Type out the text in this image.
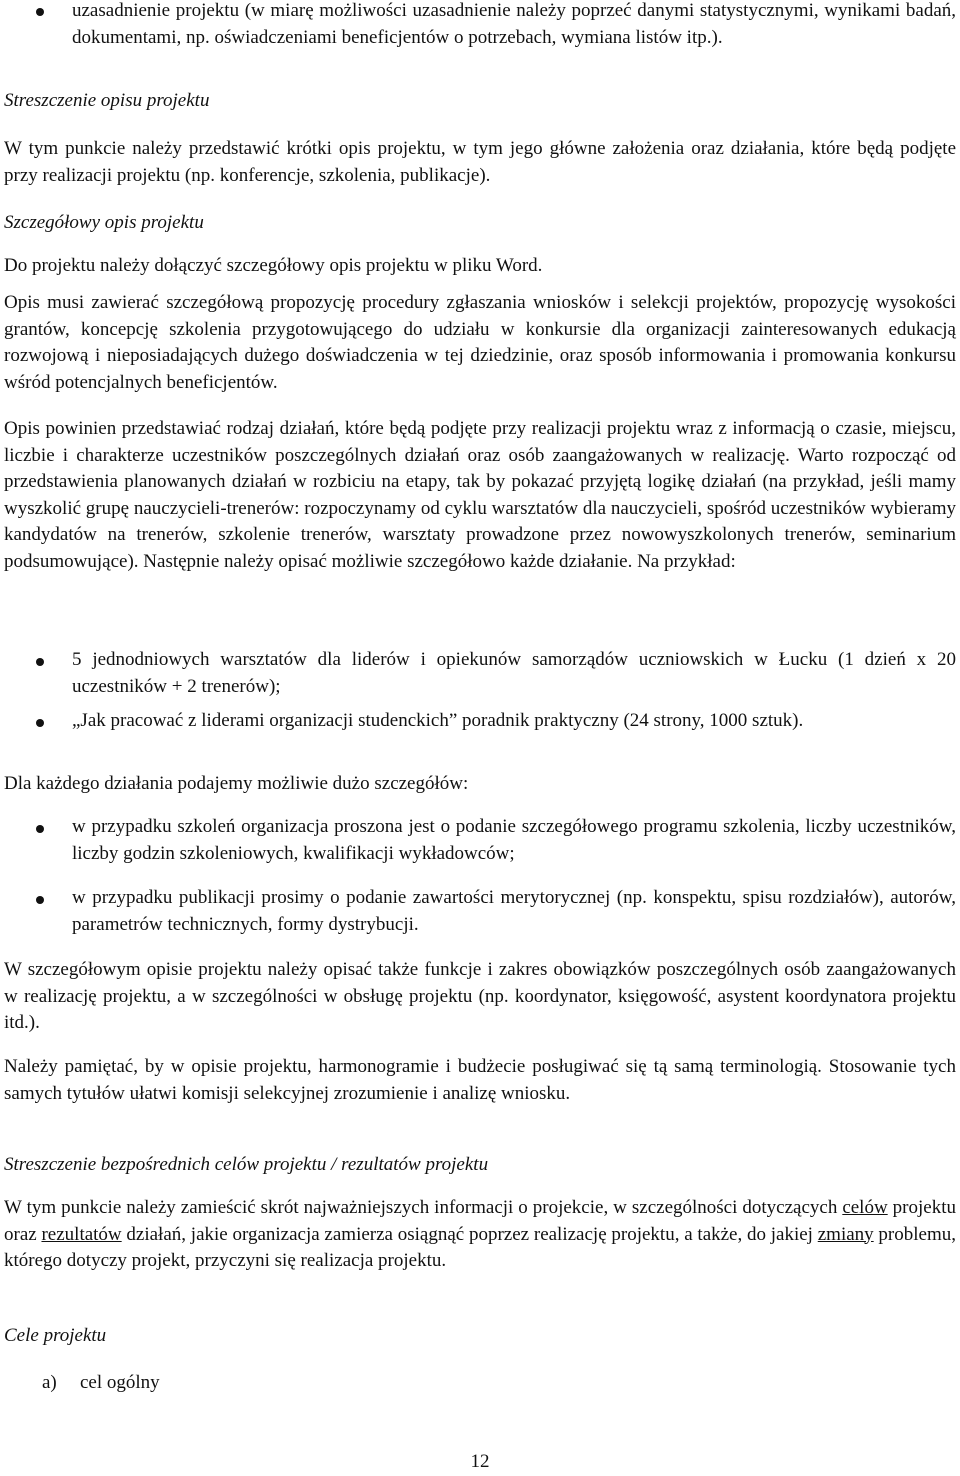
uzasadnienie projektu (w miarę możliwości uzasadnienie należy poprzeć danymi statystycznymi, wynikami badań, dokumentami, np. oświadczeniami beneficjentów o potrzebach, wymiana listów itp.).
Streszczenie opisu projektu
W tym punkcie należy przedstawić krótki opis projektu, w tym jego główne założenia oraz działania, które będą podjęte przy realizacji projektu (np. konferencje, szkolenia, publikacje).
Szczegółowy opis projektu
Do projektu należy dołączyć szczegółowy opis projektu w pliku Word.
Opis musi zawierać szczegółową propozycję procedury zgłaszania wniosków i selekcji projektów, propozycję wysokości grantów, koncepcję szkolenia przygotowującego do udziału w konkursie dla organizacji zainteresowanych edukacją rozwojową i nieposiadających dużego doświadczenia w tej dziedzinie, oraz sposób informowania i promowania konkursu wśród potencjalnych beneficjentów.
Opis powinien przedstawiać rodzaj działań, które będą podjęte przy realizacji projektu wraz z informacją o czasie, miejscu, liczbie i charakterze uczestników poszczególnych działań oraz osób zaangażowanych w realizację. Warto rozpocząć od przedstawienia planowanych działań w rozbiciu na etapy, tak by pokazać przyjętą logikę działań (na przykład, jeśli mamy wyszkolić grupę nauczycieli-trenerów: rozpoczynamy od cyklu warsztatów dla nauczycieli, spośród uczestników wybieramy kandydatów na trenerów, szkolenie trenerów, warsztaty prowadzone przez nowowyszkolonych trenerów, seminarium podsumowujące). Następnie należy opisać możliwie szczegółowo każde działanie. Na przykład:
5 jednodniowych warsztatów dla liderów i opiekunów samorządów uczniowskich w Łucku (1 dzień x 20 uczestników + 2 trenerów);
„Jak pracować z liderami organizacji studenckich” poradnik praktyczny (24 strony, 1000 sztuk).
Dla każdego działania podajemy możliwie dużo szczegółów:
w przypadku szkoleń organizacja proszona jest o podanie szczegółowego programu szkolenia, liczby uczestników, liczby godzin szkoleniowych, kwalifikacji wykładowców;
w przypadku publikacji prosimy o podanie zawartości merytorycznej (np. konspektu, spisu rozdziałów), autorów, parametrów technicznych, formy dystrybucji.
W szczegółowym opisie projektu należy opisać także funkcje i zakres obowiązków poszczególnych osób zaangażowanych w realizację projektu, a w szczególności w obsługę projektu (np. koordynator, księgowość, asystent koordynatora projektu itd.).
Należy pamiętać, by w opisie projektu, harmonogramie i budżecie posługiwać się tą samą terminologią. Stosowanie tych samych tytułów ułatwi komisji selekcyjnej zrozumienie i analizę wniosku.
Streszczenie bezpośrednich celów projektu / rezultatów projektu
W tym punkcie należy zamieścić skrót najważniejszych informacji o projekcie, w szczególności dotyczących celów projektu oraz rezultatów działań, jakie organizacja zamierza osiągnąć poprzez realizację projektu, a także, do jakiej zmiany problemu, którego dotyczy projekt, przyczyni się realizacja projektu.
Cele projektu
a) cel ogólny
12
